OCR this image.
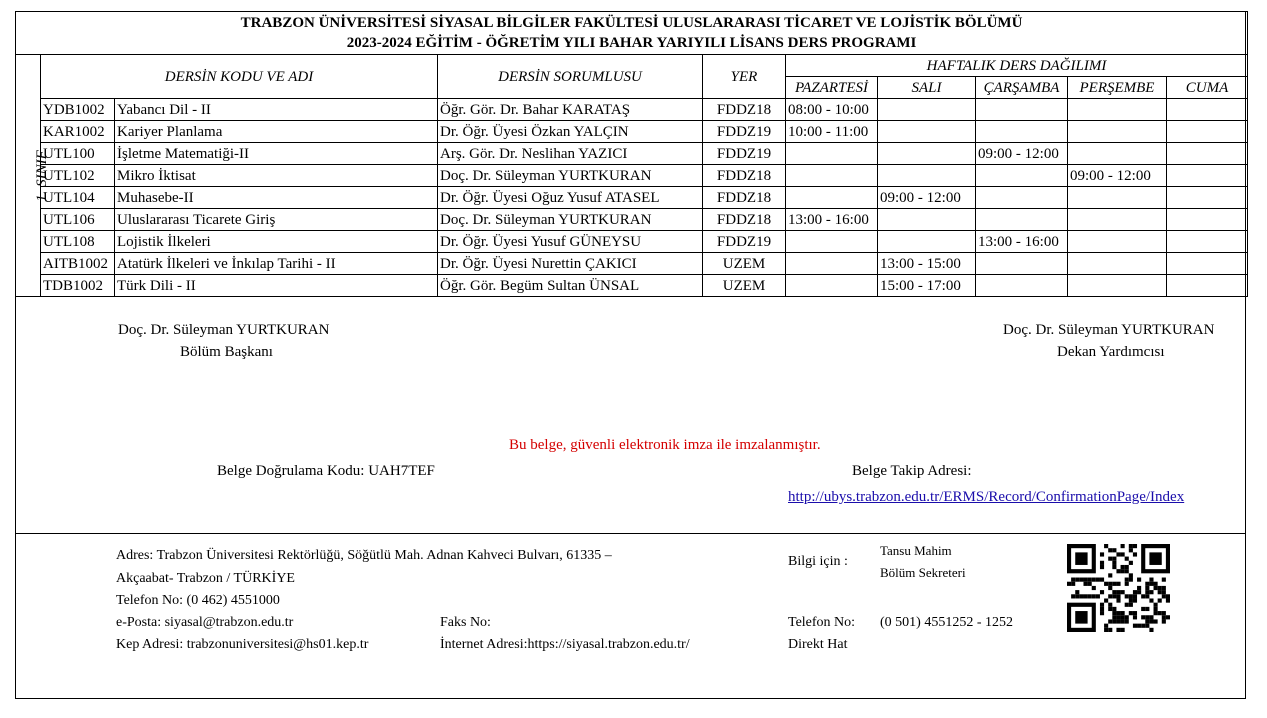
TRABZON ÜNİVERSİTESİ SİYASAL BİLGİLER FAKÜLTESİ ULUSLARARASI TİCARET VE LOJİSTİK BÖLÜMÜ
2023-2024 EĞİTİM - ÖĞRETİM YILI BAHAR YARIYILI LİSANS DERS PROGRAMI									

1. SINIF	DERSİN KODU VE ADI		DERSİN SORUMLUSU	YER	HAFTALIK DERS DAĞILIMI				
					PAZARTESİ	SALI	ÇARŞAMBA	PERŞEMBE	CUMA
	YDB1002	Yabancı Dil - II	Öğr. Gör. Dr. Bahar KARATAŞ	FDDZ18	08:00 - 10:00				
	KAR1002	Kariyer Planlama	Dr. Öğr. Üyesi Özkan YALÇIN	FDDZ19	10:00 - 11:00				
	UTL100	İşletme Matematiği-II	Arş. Gör. Dr. Neslihan YAZICI	FDDZ19			09:00 - 12:00		
	UTL102	Mikro İktisat	Doç. Dr. Süleyman YURTKURAN	FDDZ18				09:00 - 12:00	
	UTL104	Muhasebe-II	Dr. Öğr. Üyesi Oğuz Yusuf ATASEL	FDDZ18		09:00 - 12:00			
	UTL106	Uluslararası Ticarete Giriş	Doç. Dr. Süleyman YURTKURAN	FDDZ18	13:00 - 16:00				
	UTL108	Lojistik İlkeleri	Dr. Öğr. Üyesi Yusuf GÜNEYSU	FDDZ19			13:00 - 16:00		
	AITB1002	Atatürk İlkeleri ve İnkılap Tarihi - II	Dr. Öğr. Üyesi Nurettin ÇAKICI	UZEM		13:00 - 15:00			
	TDB1002	Türk Dili - II	Öğr. Gör. Begüm Sultan ÜNSAL	UZEM		15:00 - 17:00			
Doç. Dr. Süleyman YURTKURAN
Bölüm Başkanı
Doç. Dr. Süleyman YURTKURAN
Dekan Yardımcısı
Bu belge, güvenli elektronik imza ile imzalanmıştır.
Belge Doğrulama Kodu: UAH7TEF	Belge Takip Adresi:
http://ubys.trabzon.edu.tr/ERMS/Record/ConfirmationPage/Index
Adres: Trabzon Üniversitesi Rektörlüğü, Söğütlü Mah. Adnan Kahveci Bulvarı, 61335 –
Akçaabat- Trabzon / TÜRKİYE
Telefon No: (0 462) 4551000
e-Posta: siyasal@trabzon.edu.tr
Kep Adresi: trabzonuniversitesi@hs01.kep.tr
Faks No:
İnternet Adresi:https://siyasal.trabzon.edu.tr/
Bilgi için :
Tansu Mahim
Bölüm Sekreteri
Telefon No: (0 501) 4551252 - 1252
Direkt Hat
